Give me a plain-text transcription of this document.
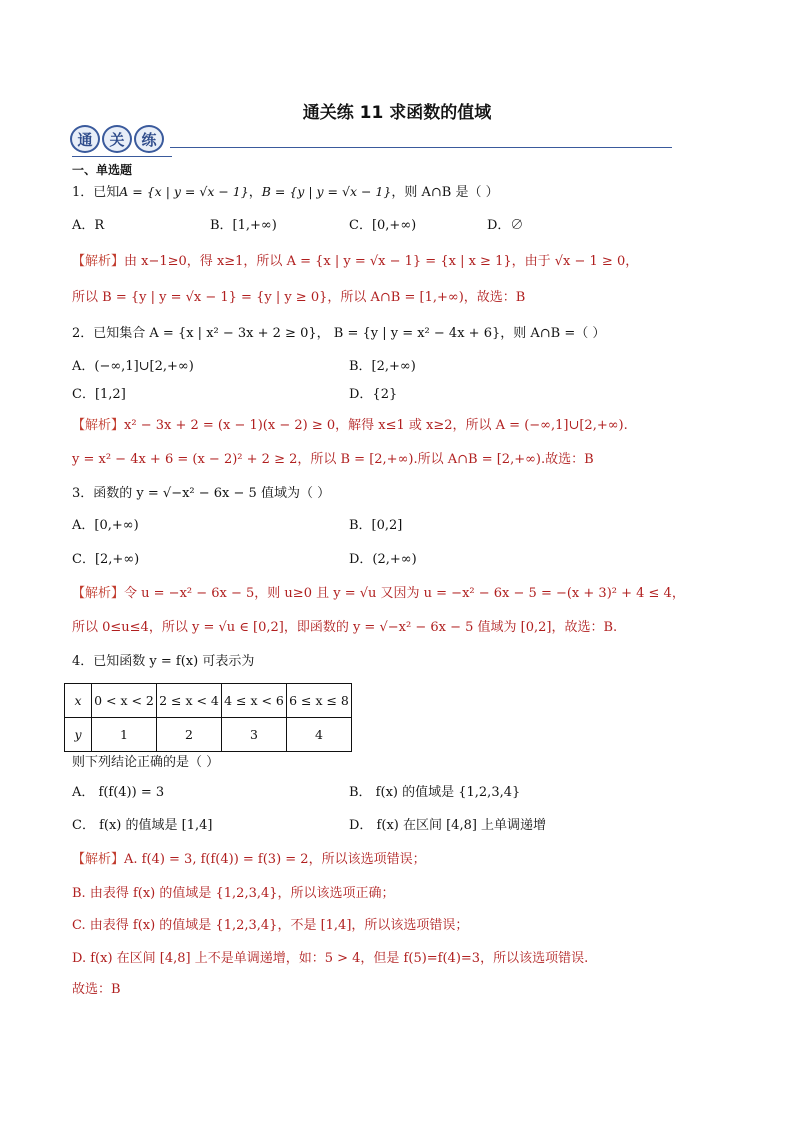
通关练 11 求函数的值域
通	关	练
一、单选题
1．已知A = {x | y = √x − 1}，B = {y | y = √x − 1}，则 A∩B 是（ ）
A．R	B．[1,+∞)	C．[0,+∞)	D．∅
【解析】由 x−1≥0，得 x≥1，所以 A = {x | y = √x − 1} = {x | x ≥ 1}，由于 √x − 1 ≥ 0，
所以 B = {y | y = √x − 1} = {y | y ≥ 0}，所以 A∩B = [1,+∞)，故选：B
2．已知集合 A = {x | x² − 3x + 2 ≥ 0}， B = {y | y = x² − 4x + 6}，则 A∩B =（ ）
A．(−∞,1]∪[2,+∞)	B．[2,+∞)
C．[1,2]	D．{2}
【解析】x² − 3x + 2 = (x − 1)(x − 2) ≥ 0，解得 x≤1 或 x≥2，所以 A = (−∞,1]∪[2,+∞).
y = x² − 4x + 6 = (x − 2)² + 2 ≥ 2，所以 B = [2,+∞).所以 A∩B = [2,+∞).故选：B
3．函数的 y = √−x² − 6x − 5 值域为（ ）
A．[0,+∞)	B．[0,2]
C．[2,+∞)	D．(2,+∞)
【解析】令 u = −x² − 6x − 5，则 u≥0 且 y = √u 又因为 u = −x² − 6x − 5 = −(x + 3)² + 4 ≤ 4，
所以 0≤u≤4，所以 y = √u ∈ [0,2]，即函数的 y = √−x² − 6x − 5 值域为 [0,2]，故选：B.
4．已知函数 y = f(x) 可表示为
x	0 < x < 2	2 ≤ x < 4	4 ≤ x < 6	6 ≤ x ≤ 8
y	1	2	3	4
则下列结论正确的是（ ）
A． f(f(4)) = 3	B． f(x) 的值域是 {1,2,3,4}
C． f(x) 的值域是 [1,4]	D． f(x) 在区间 [4,8] 上单调递增
【解析】A. f(4) = 3, f(f(4)) = f(3) = 2，所以该选项错误；
B. 由表得 f(x) 的值域是 {1,2,3,4}，所以该选项正确；
C. 由表得 f(x) 的值域是 {1,2,3,4}，不是 [1,4]，所以该选项错误；
D. f(x) 在区间 [4,8] 上不是单调递增，如：5 > 4，但是 f(5)=f(4)=3，所以该选项错误.
故选：B
